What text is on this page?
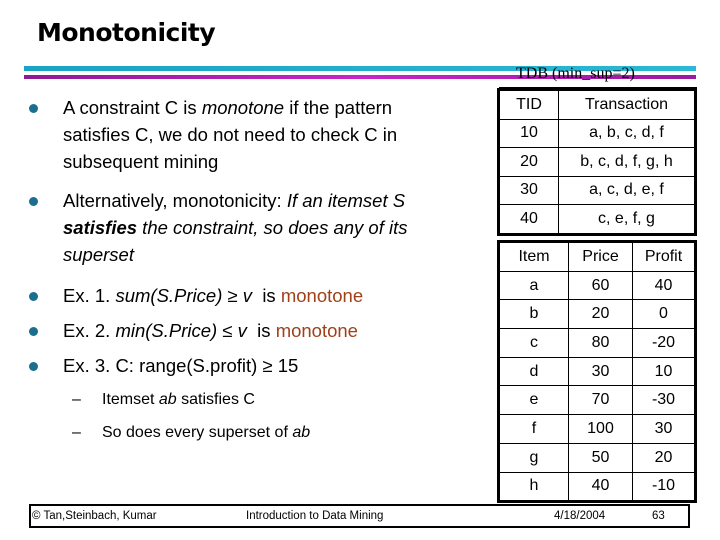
Monotonicity
A constraint C is monotone if the pattern satisfies C, we do not need to check C in subsequent mining
Alternatively, monotonicity: If an itemset S satisfies the constraint, so does any of its superset
Ex. 1. sum(S.Price) ≥ v  is monotone
Ex. 2. min(S.Price) ≤ v  is monotone
Ex. 3. C: range(S.profit) ≥ 15
– Itemset ab satisfies C
– So does every superset of ab
TDB (min_sup=2)
TID	Transaction
10	a, b, c, d, f
20	b, c, d, f, g, h
30	a, c, d, e, f
40	c, e, f, g
Item	Price	Profit
a	60	40
b	20	0
c	80	-20
d	30	10
e	70	-30
f	100	30
g	50	20
h	40	-10
© Tan,Steinbach, Kumar	Introduction to Data Mining	4/18/2004	63
